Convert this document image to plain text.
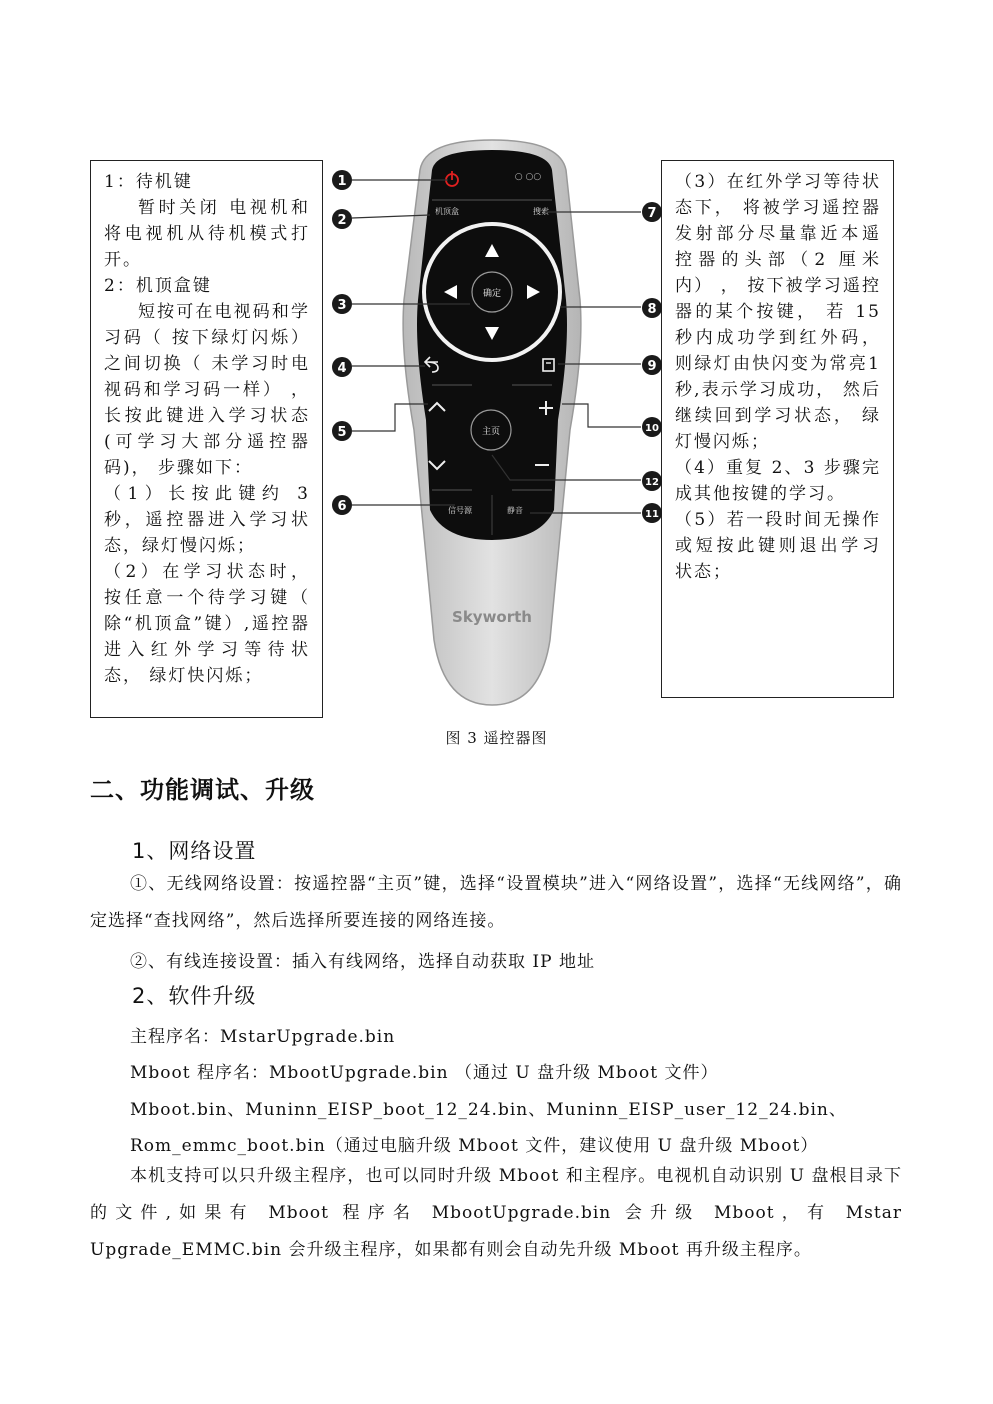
1：待机键

暂时关闭 电视机和将电视机从待机模式打开。

2：机顶盒键

短按可在电视码和学习码（ 按下绿灯闪烁） 之间切换（ 未学习时电视码和学习码一样） ， 长按此键进入学习状态(可学习大部分遥控器码)， 步骤如下：

（1）长按此键约 3 秒，遥控器进入学习状态，绿灯慢闪烁；

（2）在学习状态时， 按任意一个待学习键（ 除“机顶盒”键）,遥控器进入红外学习等待状态， 绿灯快闪烁；

（3）在红外学习等待状态下， 将被学习遥控器发射部分尽量靠近本遥控器的头部（2 厘米内） ， 按下被学习遥控器的某个按键， 若 15 秒内成功学到红外码， 则绿灯由快闪变为常亮1秒,表示学习成功， 然后继续回到学习状态， 绿灯慢闪烁；

（4）重复 2、3 步骤完成其他按键的学习。

（5）若一段时间无操作或短按此键则退出学习状态；

○ ○○
机顶盒	搜索
确定
主页
信号源	静音
Skyworth
1
2
3
4
5
6
7
8
9
10
12
11
图 3 遥控器图
二、功能调试、升级
1、网络设置

①、无线网络设置：按遥控器“主页”键，选择“设置模块”进入“网络设置”，选择“无线网络”，确定选择“查找网络”，然后选择所要连接的网络连接。

②、有线连接设置：插入有线网络，选择自动获取 IP 地址
2、软件升级
主程序名：MstarUpgrade.bin
Mboot 程序名：MbootUpgrade.bin （通过 U 盘升级 Mboot 文件）
Mboot.bin、Muninn_EISP_boot_12_24.bin、Muninn_EISP_user_12_24.bin、
Rom_emmc_boot.bin（通过电脑升级 Mboot 文件，建议使用 U 盘升级 Mboot）

本机支持可以只升级主程序，也可以同时升级 Mboot 和主程序。电视机自动识别 U 盘根目录下的文件,如果有 Mboot 程序名 MbootUpgrade.bin 会升级 Mboot，有 Mstar Upgrade_EMMC.bin 会升级主程序，如果都有则会自动先升级 Mboot 再升级主程序。
